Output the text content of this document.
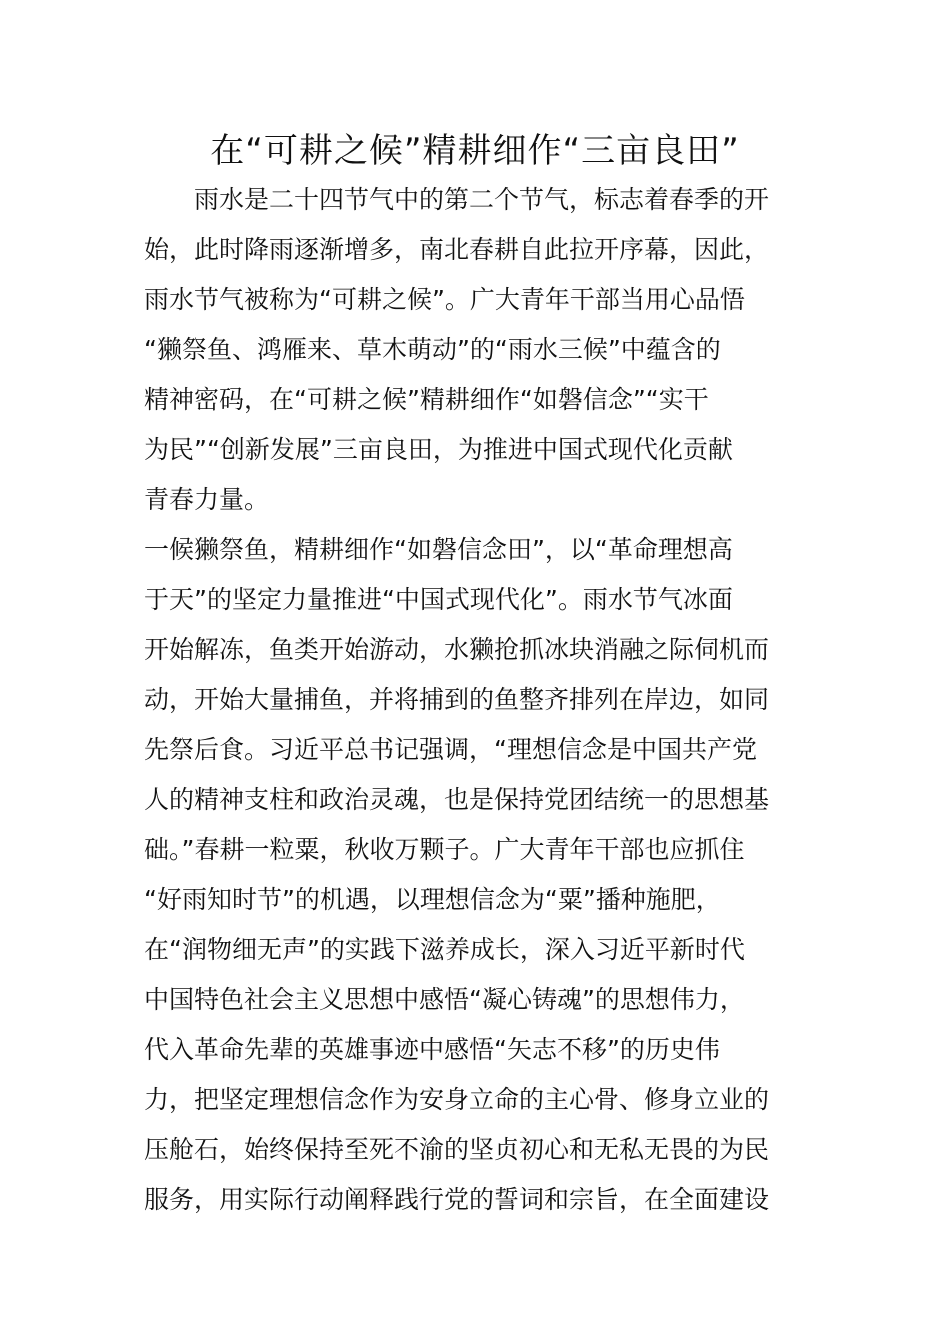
在“可耕之候”精耕细作“三亩良田”
　　雨水是二十四节气中的第二个节气，标志着春季的开
始，此时降雨逐渐增多，南北春耕自此拉开序幕，因此，
雨水节气被称为“可耕之候”。广大青年干部当用心品悟
“獭祭鱼、鸿雁来、草木萌动”的“雨水三候”中蕴含的
精神密码，在“可耕之候”精耕细作“如磐信念”“实干
为民”“创新发展”三亩良田，为推进中国式现代化贡献
青春力量。
一候獭祭鱼，精耕细作“如磐信念田”，以“革命理想高
于天”的坚定力量推进“中国式现代化”。雨水节气冰面
开始解冻，鱼类开始游动，水獭抢抓冰块消融之际伺机而
动，开始大量捕鱼，并将捕到的鱼整齐排列在岸边，如同
先祭后食。习近平总书记强调，“理想信念是中国共产党
人的精神支柱和政治灵魂，也是保持党团结统一的思想基
础。”春耕一粒粟，秋收万颗子。广大青年干部也应抓住
“好雨知时节”的机遇，以理想信念为“粟”播种施肥，
在“润物细无声”的实践下滋养成长，深入习近平新时代
中国特色社会主义思想中感悟“凝心铸魂”的思想伟力，
代入革命先辈的英雄事迹中感悟“矢志不移”的历史伟
力，把坚定理想信念作为安身立命的主心骨、修身立业的
压舱石，始终保持至死不渝的坚贞初心和无私无畏的为民
服务，用实际行动阐释践行党的誓词和宗旨，在全面建设
